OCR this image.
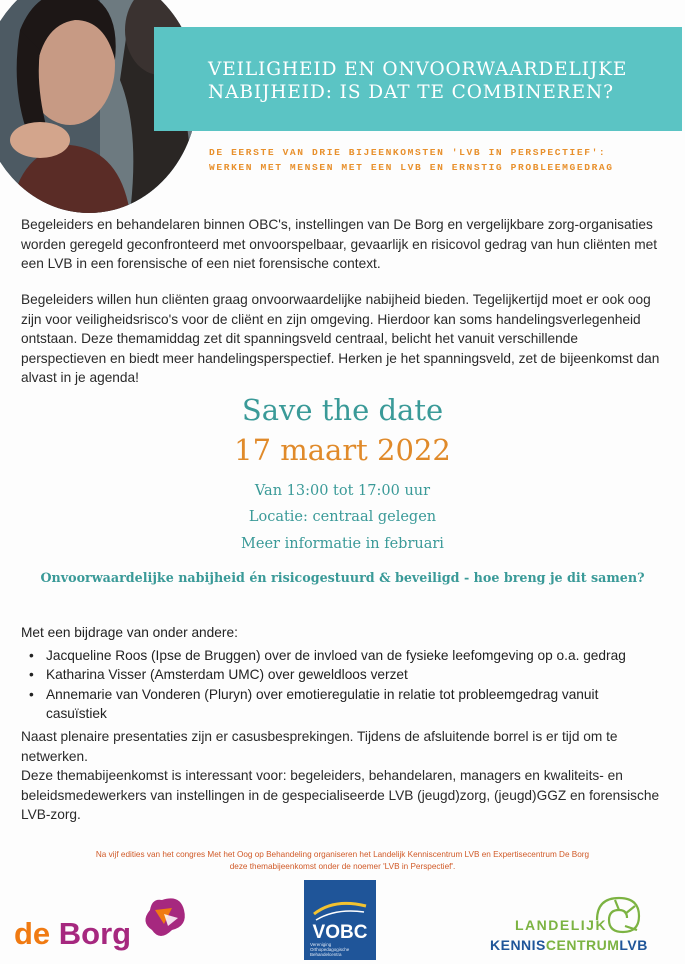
VEILIGHEID EN ONVOORWAARDELIJKE
NABIJHEID: IS DAT TE COMBINEREN?
DE EERSTE VAN DRIE BIJEENKOMSTEN 'LVB IN PERSPECTIEF':
WERKEN MET MENSEN MET EEN LVB EN ERNSTIG PROBLEEMGEDRAG

Begeleiders en behandelaren binnen OBC's, instellingen van De Borg en vergelijkbare zorg-organisaties worden geregeld geconfronteerd met onvoorspelbaar, gevaarlijk en risicovol gedrag van hun cliënten met een LVB in een forensische of een niet forensische context.

Begeleiders willen hun cliënten graag onvoorwaardelijke nabijheid bieden. Tegelijkertijd moet er ook oog zijn voor veiligheidsrisco's voor de cliënt en zijn omgeving. Hierdoor kan soms handelingsverlegenheid ontstaan. Deze themamiddag zet dit spanningsveld centraal, belicht het vanuit verschillende perspectieven en biedt meer handelingsperspectief. Herken je het spanningsveld, zet de bijeenkomst dan alvast in je agenda!

Save the date
17 maart 2022
Van 13:00 tot 17:00 uur
Locatie: centraal gelegen
Meer informatie in februari
Onvoorwaardelijke nabijheid én risicogestuurd & beveiligd - hoe breng je dit samen?
Met een bijdrage van onder andere:
• Jacqueline Roos (Ipse de Bruggen) over de invloed van de fysieke leefomgeving op o.a. gedrag
• Katharina Visser (Amsterdam UMC) over geweldloos verzet
• Annemarie van Vonderen (Pluryn) over emotieregulatie in relatie tot probleemgedrag vanuit casuïstiek

Naast plenaire presentaties zijn er casusbesprekingen. Tijdens de afsluitende borrel is er tijd om te netwerken.

Deze themabijeenkomst is interessant voor: begeleiders, behandelaren, managers en kwaliteits- en beleidsmedewerkers van instellingen in de gespecialiseerde LVB (jeugd)zorg, (jeugd)GGZ en forensische LVB-zorg.

Na vijf edities van het congres Met het Oog op Behandeling organiseren het Landelijk Kenniscentrum LVB en Expertisecentrum De Borg
deze themabijeenkomst onder de noemer 'LVB in Perspectief'.
de Borg	VOBC
Vereniging
Orthopedagogische
Behandelcentra
LANDELIJK
KENNISCENTRUMLVB
